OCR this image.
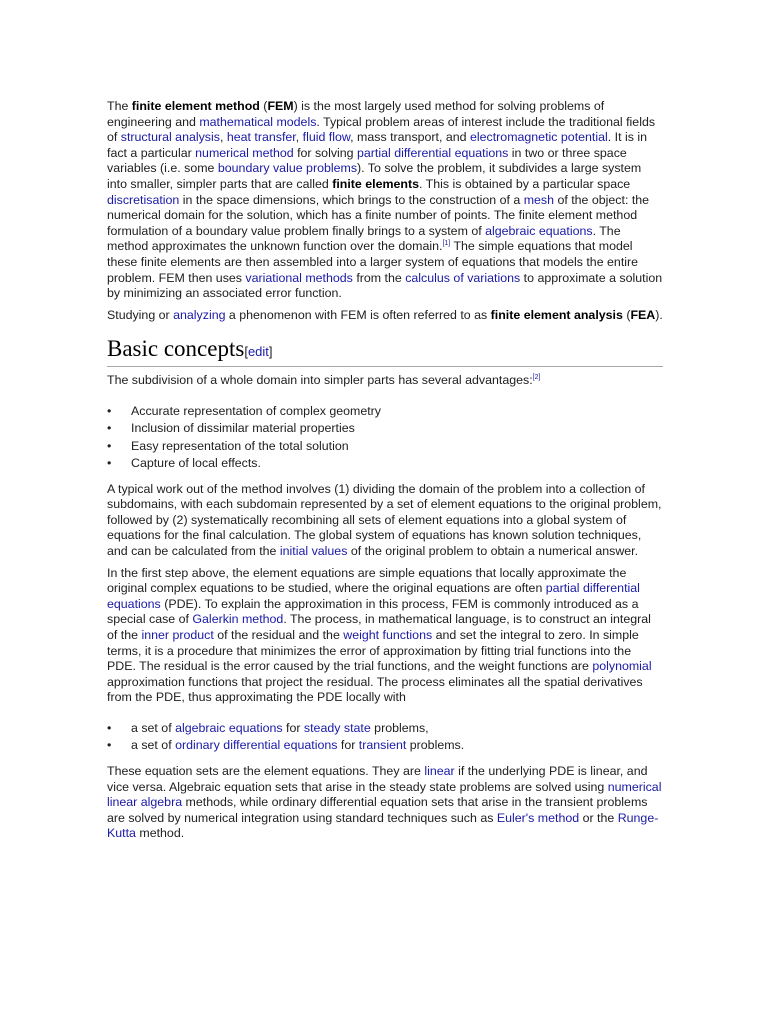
The finite element method (FEM) is the most largely used method for solving problems of engineering and mathematical models. Typical problem areas of interest include the traditional fields of structural analysis, heat transfer, fluid flow, mass transport, and electromagnetic potential. It is in fact a particular numerical method for solving partial differential equations in two or three space variables (i.e. some boundary value problems). To solve the problem, it subdivides a large system into smaller, simpler parts that are called finite elements. This is obtained by a particular space discretisation in the space dimensions, which brings to the construction of a mesh of the object: the numerical domain for the solution, which has a finite number of points. The finite element method formulation of a boundary value problem finally brings to a system of algebraic equations. The method approximates the unknown function over the domain.[1] The simple equations that model these finite elements are then assembled into a larger system of equations that models the entire problem. FEM then uses variational methods from the calculus of variations to approximate a solution by minimizing an associated error function.

Studying or analyzing a phenomenon with FEM is often referred to as finite element analysis (FEA).

Basic concepts[edit]

The subdivision of a whole domain into simpler parts has several advantages:[2]

• Accurate representation of complex geometry
• Inclusion of dissimilar material properties
• Easy representation of the total solution
• Capture of local effects.

A typical work out of the method involves (1) dividing the domain of the problem into a collection of subdomains, with each subdomain represented by a set of element equations to the original problem, followed by (2) systematically recombining all sets of element equations into a global system of equations for the final calculation. The global system of equations has known solution techniques, and can be calculated from the initial values of the original problem to obtain a numerical answer.

In the first step above, the element equations are simple equations that locally approximate the original complex equations to be studied, where the original equations are often partial differential equations (PDE). To explain the approximation in this process, FEM is commonly introduced as a special case of Galerkin method. The process, in mathematical language, is to construct an integral of the inner product of the residual and the weight functions and set the integral to zero. In simple terms, it is a procedure that minimizes the error of approximation by fitting trial functions into the PDE. The residual is the error caused by the trial functions, and the weight functions are polynomial approximation functions that project the residual. The process eliminates all the spatial derivatives from the PDE, thus approximating the PDE locally with

• a set of algebraic equations for steady state problems,
• a set of ordinary differential equations for transient problems.

These equation sets are the element equations. They are linear if the underlying PDE is linear, and vice versa. Algebraic equation sets that arise in the steady state problems are solved using numerical linear algebra methods, while ordinary differential equation sets that arise in the transient problems are solved by numerical integration using standard techniques such as Euler's method or the Runge-Kutta method.
